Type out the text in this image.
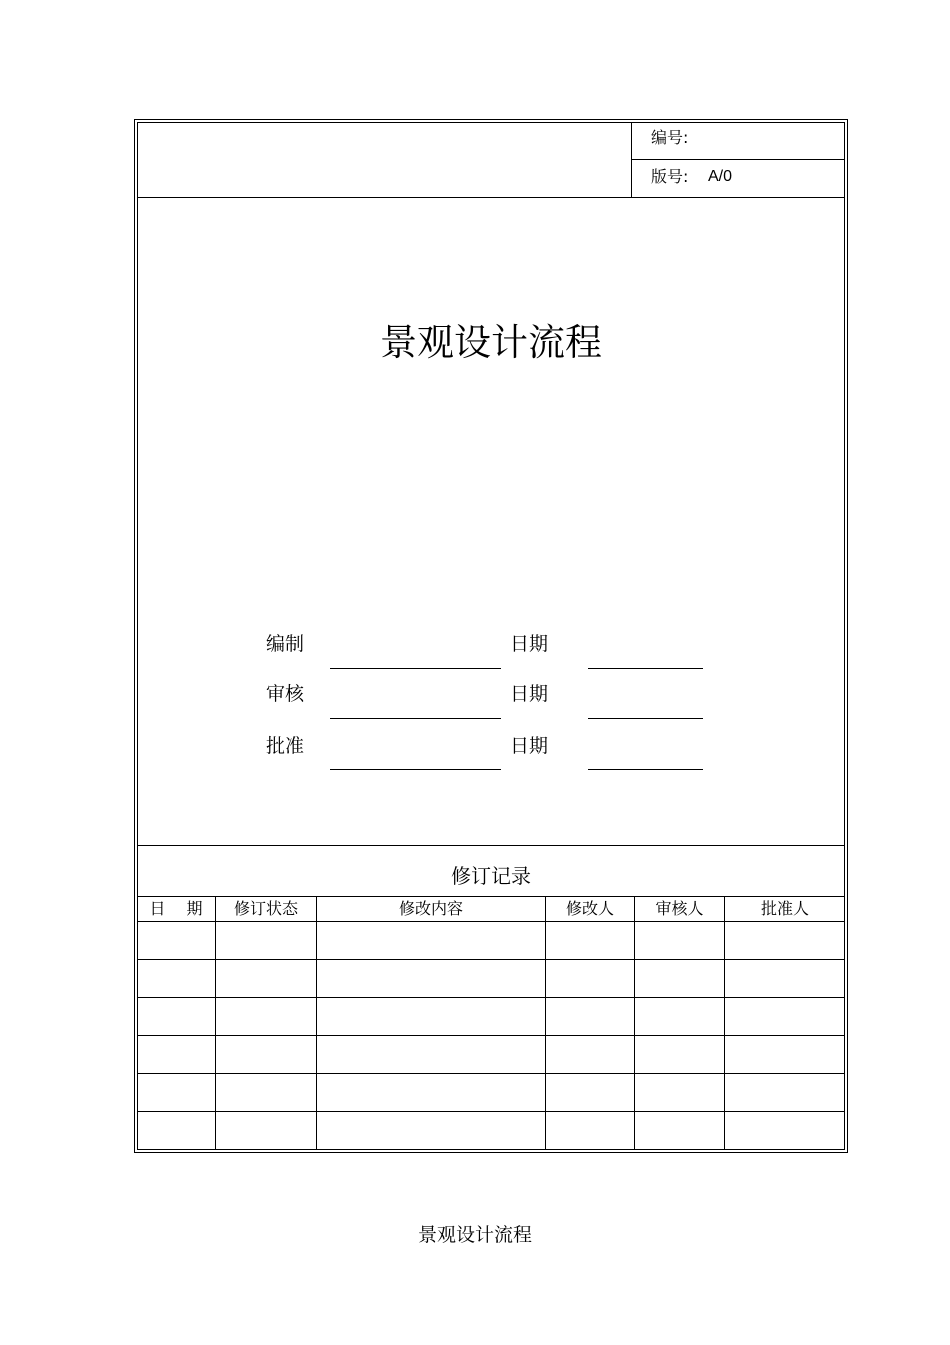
编号:
版号: A/0
景观设计流程
编制	日期
审核	日期
批准	日期
修订记录
日　 期	修订状态	修改内容	修改人	审核人	批准人
景观设计流程
